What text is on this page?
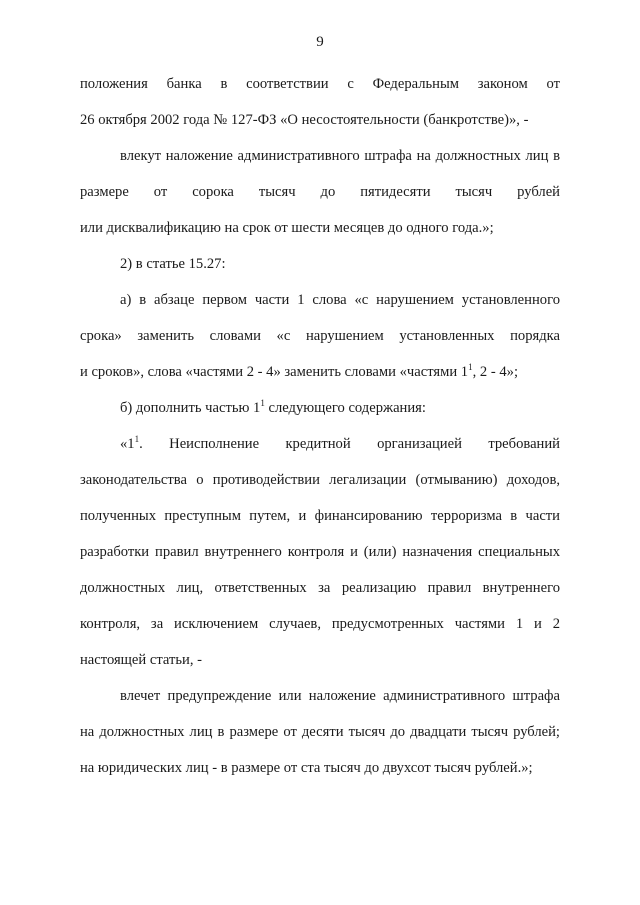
9
положения банка в соответствии с Федеральным законом от
26 октября 2002 года № 127-ФЗ «О несостоятельности (банкротстве)», -
влекут наложение административного штрафа на должностных лиц в
размере от сорока тысяч до пятидесяти тысяч рублей
или дисквалификацию на срок от шести месяцев до одного года.»;
2) в статье 15.27:
а) в абзаце первом части 1 слова «с нарушением установленного
срока» заменить словами «с нарушением установленных порядка
и сроков», слова «частями 2 - 4» заменить словами «частями $1^1$, 2 - 4»;
б) дополнить частью $1^1$ следующего содержания:
«$1^1$ . Неисполнение кредитной организацией требований
законодательства о противодействии легализации (отмыванию) доходов,
полученных преступным путем, и финансированию терроризма в части
разработки правил внутреннего контроля и (или) назначения специальных
должностных лиц, ответственных за реализацию правил внутреннего
контроля, за исключением случаев, предусмотренных частями 1 и 2
настоящей статьи, -
влечет предупреждение или наложение административного штрафа
на должностных лиц в размере от десяти тысяч до двадцати тысяч рублей;
на юридических лиц - в размере от ста тысяч до двухсот тысяч рублей.»;
